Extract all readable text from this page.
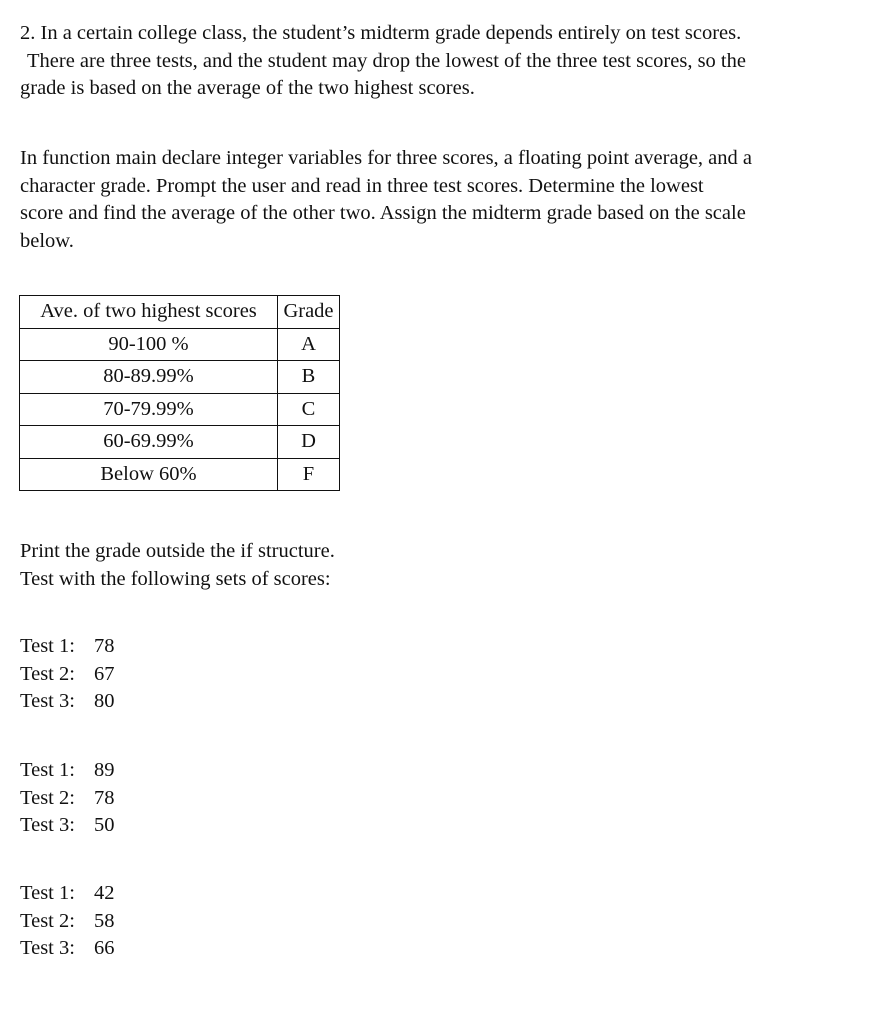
2. In a certain college class, the student’s midterm grade depends entirely on test scores.
There are three tests, and the student may drop the lowest of the three test scores, so the
grade is based on the average of the two highest scores.
In function main declare integer variables for three scores, a floating point average, and a
character grade. Prompt the user and read in three test scores. Determine the lowest
score and find the average of the other two. Assign the midterm grade based on the scale
below.
Ave. of two highest scores	Grade
90-100 %	A
80-89.99%	B
70-79.99%	C
60-69.99%	D
Below 60%	F
Print the grade outside the if structure.
Test with the following sets of scores:
Test 1: 78
Test 2: 67
Test 3: 80
Test 1: 89
Test 2: 78
Test 3: 50
Test 1: 42
Test 2: 58
Test 3: 66
